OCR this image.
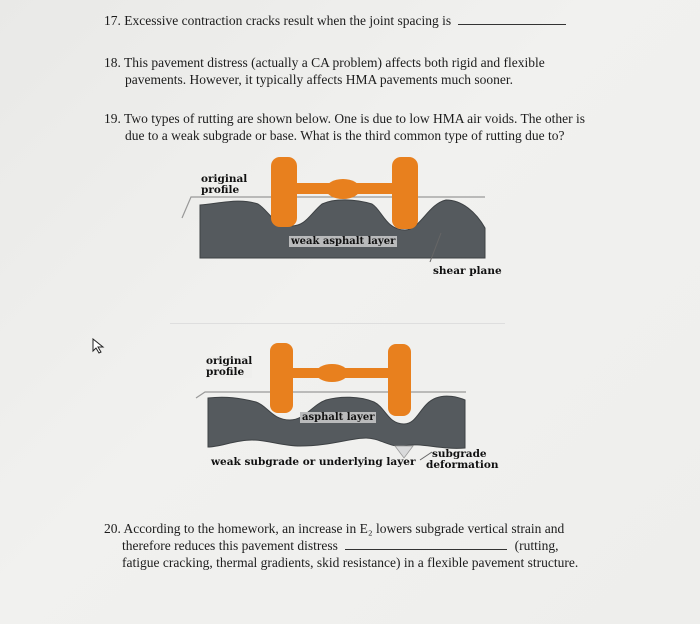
17. Excessive contraction cracks result when the joint spacing is
18. This pavement distress (actually a CA problem) affects both rigid and flexible
pavements. However, it typically affects HMA pavements much sooner.
19. Two types of rutting are shown below. One is due to low HMA air voids. The other is
due to a weak subgrade or base. What is the third common type of rutting due to?
original
profile
weak asphalt layer
shear plane
original
profile
asphalt layer
weak subgrade or underlying layer
subgrade
deformation
20. According to the homework, an increase in E₂ lowers subgrade vertical strain and
therefore reduces this pavement distress	(rutting,
fatigue cracking, thermal gradients, skid resistance) in a flexible pavement structure.
